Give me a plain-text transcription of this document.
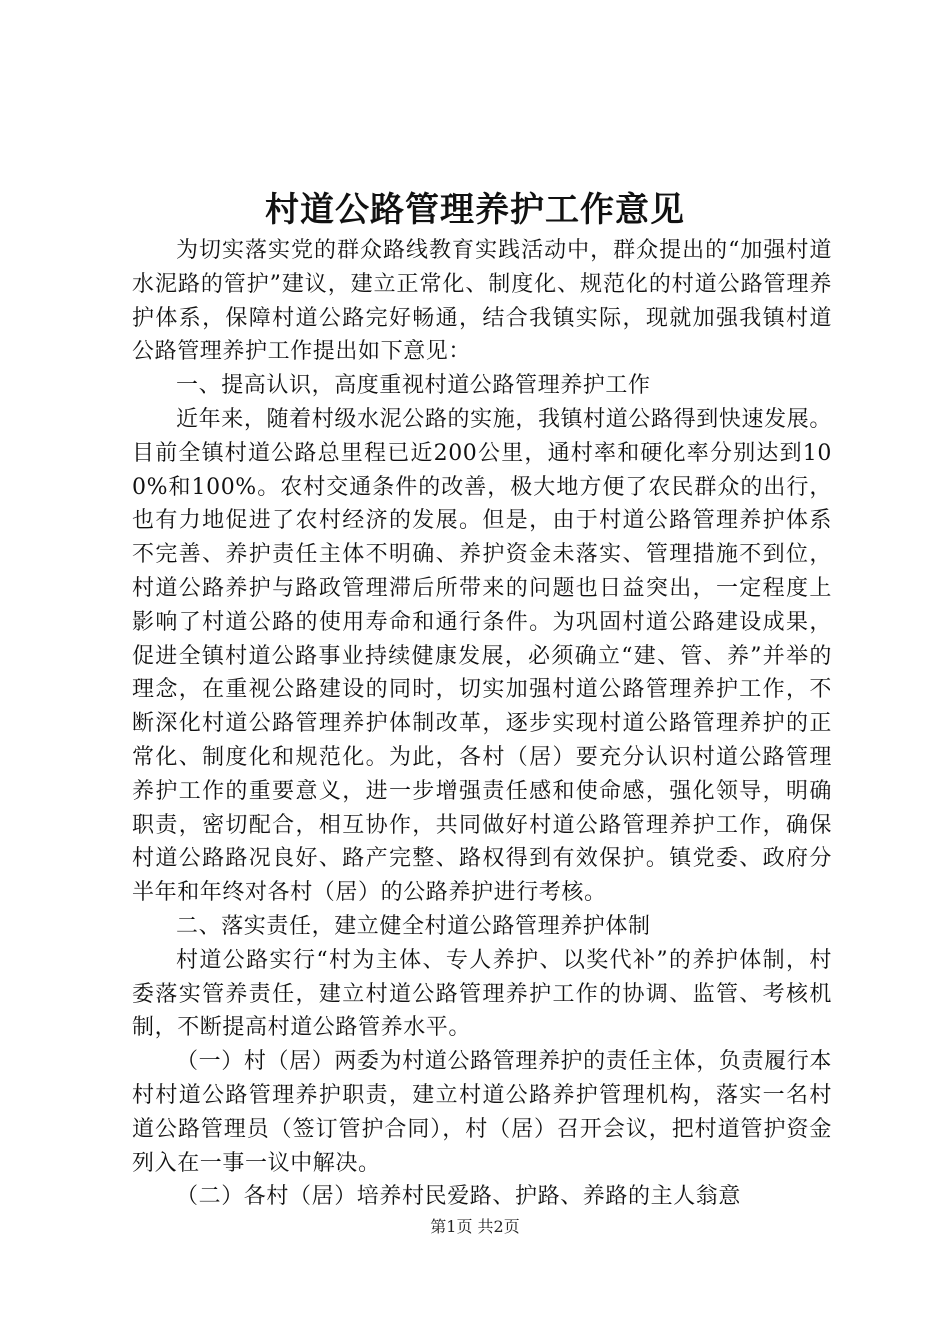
村道公路管理养护工作意见

为切实落实党的群众路线教育实践活动中，群众提出的“加强村道水泥路的管护”建议，建立正常化、制度化、规范化的村道公路管理养护体系，保障村道公路完好畅通，结合我镇实际，现就加强我镇村道公路管理养护工作提出如下意见：

一、提高认识，高度重视村道公路管理养护工作

近年来，随着村级水泥公路的实施，我镇村道公路得到快速发展。目前全镇村道公路总里程已近200公里，通村率和硬化率分别达到100%和100%。农村交通条件的改善，极大地方便了农民群众的出行，也有力地促进了农村经济的发展。但是，由于村道公路管理养护体系不完善、养护责任主体不明确、养护资金未落实、管理措施不到位，村道公路养护与路政管理滞后所带来的问题也日益突出，一定程度上影响了村道公路的使用寿命和通行条件。为巩固村道公路建设成果，促进全镇村道公路事业持续健康发展，必须确立“建、管、养”并举的理念，在重视公路建设的同时，切实加强村道公路管理养护工作，不断深化村道公路管理养护体制改革，逐步实现村道公路管理养护的正常化、制度化和规范化。为此，各村（居）要充分认识村道公路管理养护工作的重要意义，进一步增强责任感和使命感，强化领导，明确职责，密切配合，相互协作，共同做好村道公路管理养护工作，确保村道公路路况良好、路产完整、路权得到有效保护。镇党委、政府分半年和年终对各村（居）的公路养护进行考核。

二、落实责任，建立健全村道公路管理养护体制

村道公路实行“村为主体、专人养护、以奖代补”的养护体制，村委落实管养责任，建立村道公路管理养护工作的协调、监管、考核机制，不断提高村道公路管养水平。

（一）村（居）两委为村道公路管理养护的责任主体，负责履行本村村道公路管理养护职责，建立村道公路养护管理机构，落实一名村道公路管理员（签订管护合同），村（居）召开会议，把村道管护资金列入在一事一议中解决。

（二）各村（居）培养村民爱路、护路、养路的主人翁意

第1页 共2页
